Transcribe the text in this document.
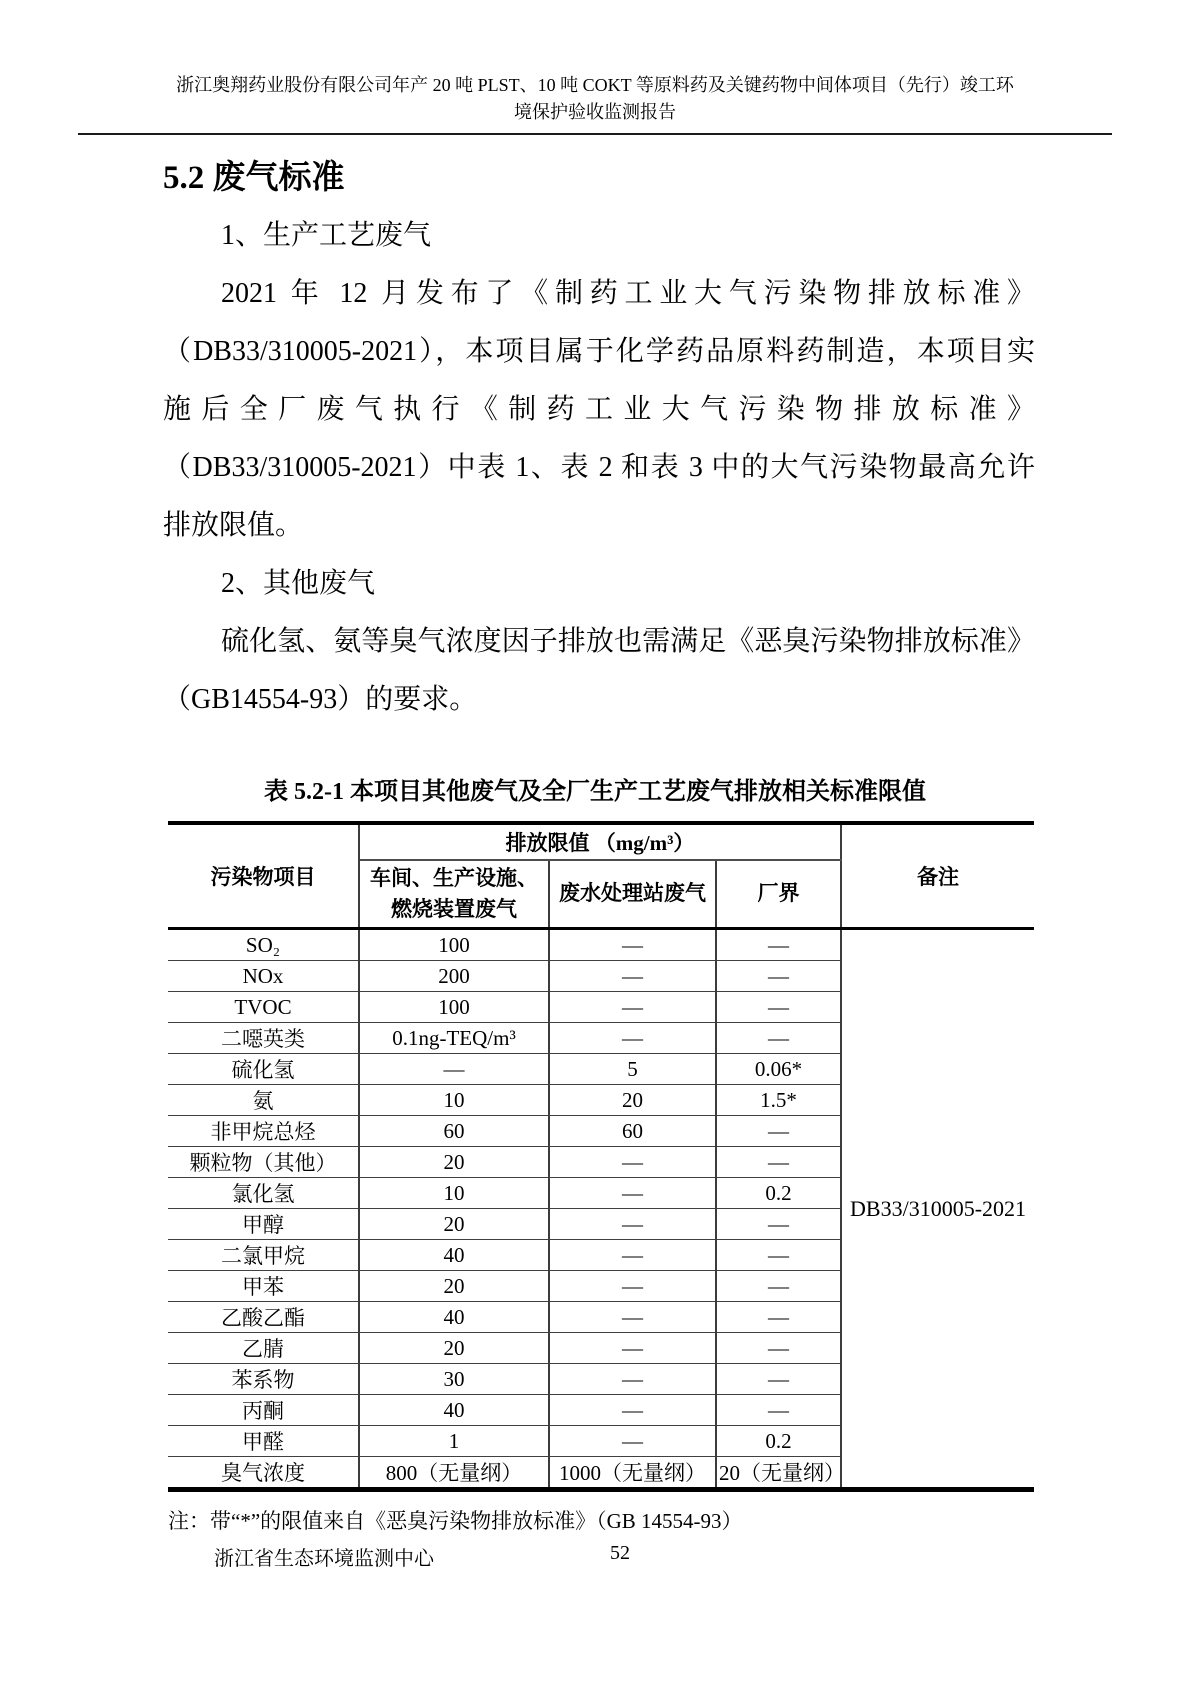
浙江奥翔药业股份有限公司年产 20 吨 PLST、10 吨 COKT 等原料药及关键药物中间体项目（先行）竣工环
境保护验收监测报告
5.2 废气标准
1、生产工艺废气
2021 年 12 月发布了《制药工业大气污染物排放标准》
（DB33/310005-2021），本项目属于化学药品原料药制造，本项目实
施后全厂废气执行《制药工业大气污染物排放标准》
（DB33/310005-2021）中表 1、表 2 和表 3 中的大气污染物最高允许
排放限值。
2、其他废气
硫化氢、氨等臭气浓度因子排放也需满足《恶臭污染物排放标准》
（GB14554-93）的要求。
表 5.2-1 本项目其他废气及全厂生产工艺废气排放相关标准限值
污染物项目	排放限值 （mg/m³）			备注
	车间、生产设施、燃烧装置废气	废水处理站废气	厂界	
SO₂	100	—	—	DB33/310005-2021
NOx	200	—	—	
TVOC	100	—	—	
二噁英类	0.1ng-TEQ/m³	—	—	
硫化氢	—	5	0.06*	
氨	10	20	1.5*	
非甲烷总烃	60	60	—	
颗粒物（其他）	20	—	—	
氯化氢	10	—	0.2	
甲醇	20	—	—	
二氯甲烷	40	—	—	
甲苯	20	—	—	
乙酸乙酯	40	—	—	
乙腈	20	—	—	
苯系物	30	—	—	
丙酮	40	—	—	
甲醛	1	—	0.2	
臭气浓度	800（无量纲）	1000（无量纲）	20（无量纲）	
注：带“*”的限值来自《恶臭污染物排放标准》（GB 14554-93）
浙江省生态环境监测中心	52
